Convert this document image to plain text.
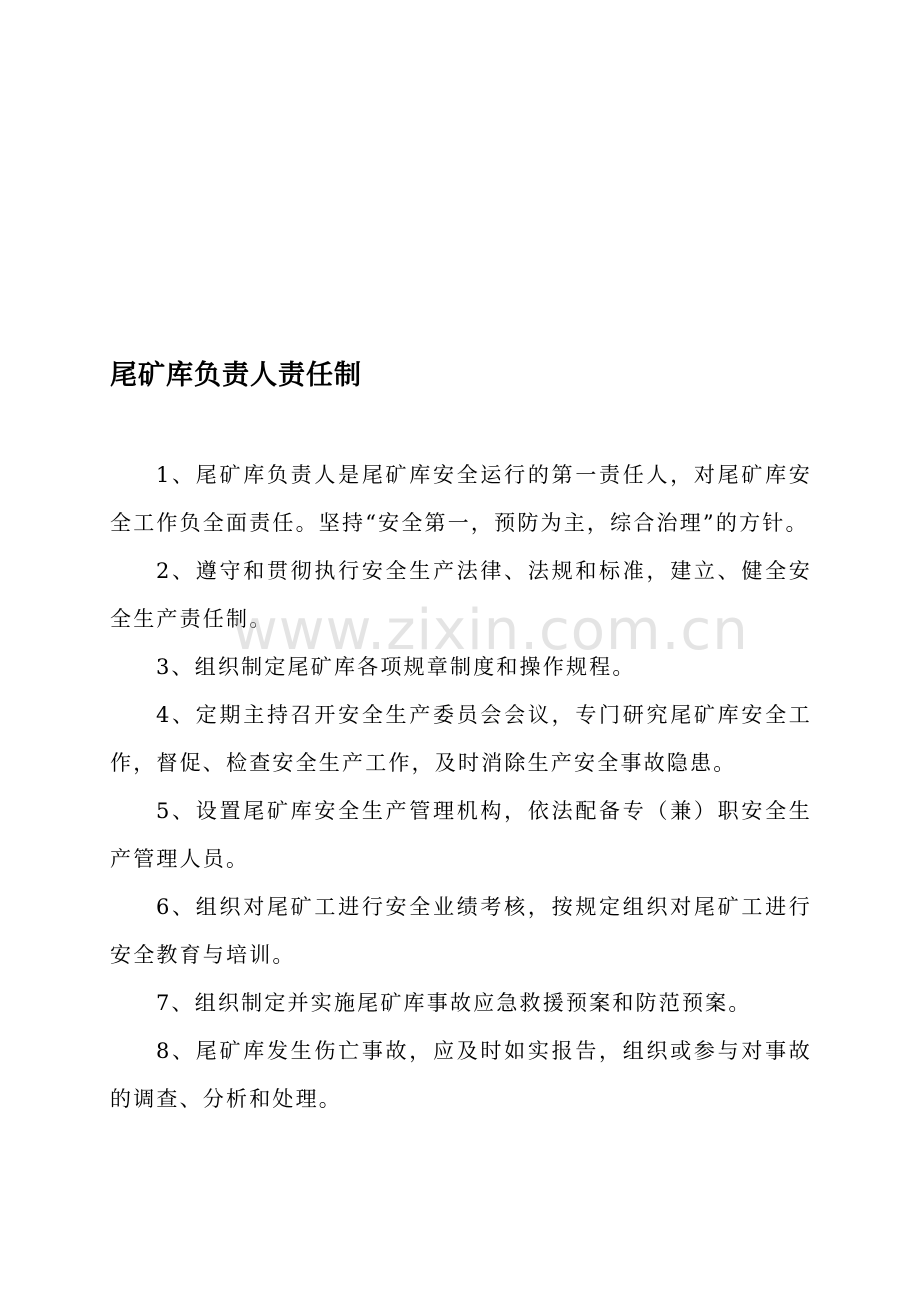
尾矿库负责人责任制

1、尾矿库负责人是尾矿库安全运行的第一责任人，对尾矿库安全工作负全面责任。坚持“安全第一，预防为主，综合治理”的方针。

2、遵守和贯彻执行安全生产法律、法规和标准，建立、健全安全生产责任制。

3、组织制定尾矿库各项规章制度和操作规程。

4、定期主持召开安全生产委员会会议，专门研究尾矿库安全工作，督促、检查安全生产工作，及时消除生产安全事故隐患。

5、设置尾矿库安全生产管理机构，依法配备专（兼）职安全生产管理人员。

6、组织对尾矿工进行安全业绩考核，按规定组织对尾矿工进行安全教育与培训。

7、组织制定并实施尾矿库事故应急救援预案和防范预案。

8、尾矿库发生伤亡事故，应及时如实报告，组织或参与对事故的调查、分析和处理。

www.zixin.com.cn
